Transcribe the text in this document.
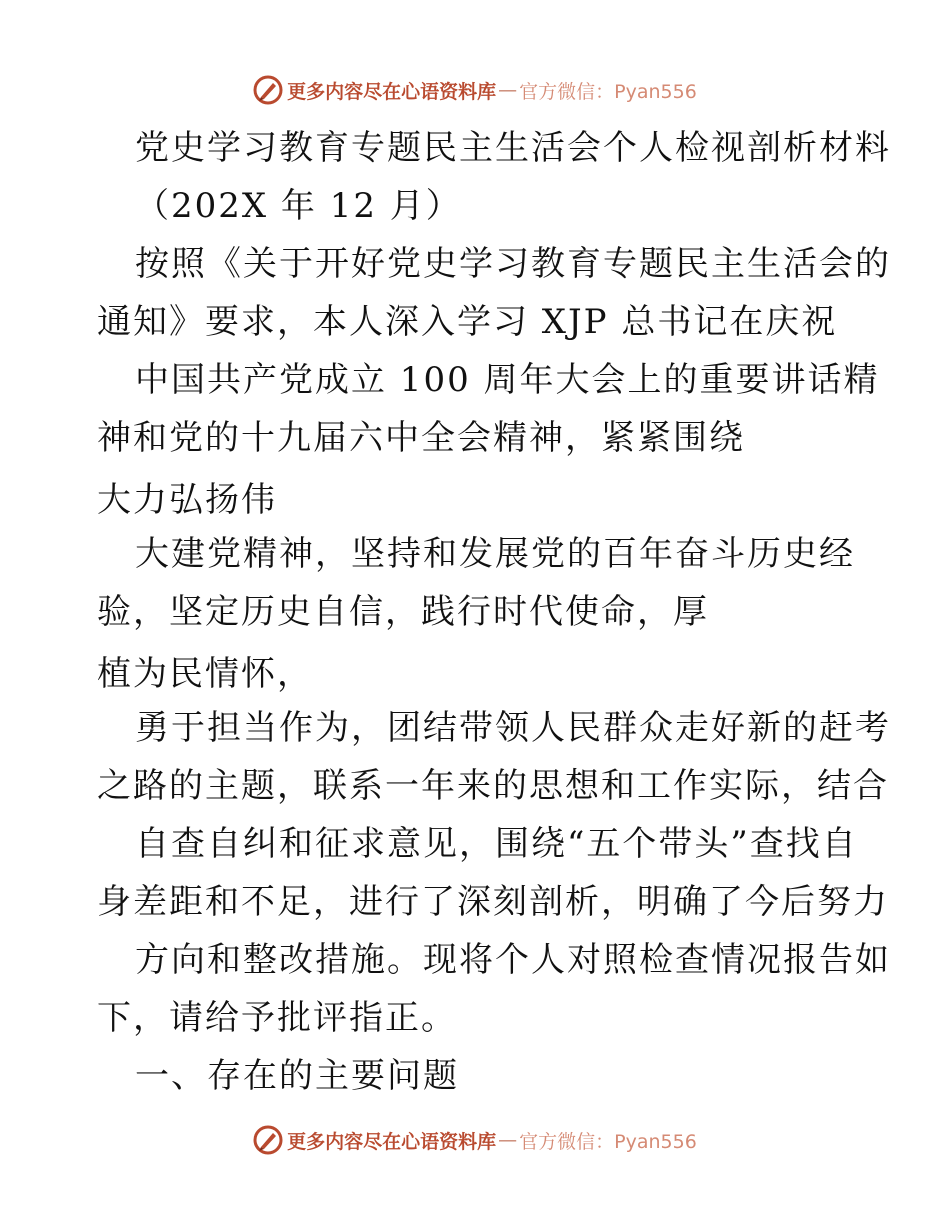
更多内容尽在心语资料库 — 官方微信：Pyan556
党史学习教育专题民主生活会个人检视剖析材料
（202X 年 12 月）
按照《关于开好党史学习教育专题民主生活会的
通知》要求，本人深入学习 XJP 总书记在庆祝
中国共产党成立 100 周年大会上的重要讲话精
神和党的十九届六中全会精神，紧紧围绕大力弘扬伟
大建党精神，坚持和发展党的百年奋斗历史经
验，坚定历史自信，践行时代使命，厚植为民情怀，
勇于担当作为，团结带领人民群众走好新的赶考
之路的主题，联系一年来的思想和工作实际，结合
自查自纠和征求意见，围绕“五个带头”查找自
身差距和不足，进行了深刻剖析，明确了今后努力
方向和整改措施。现将个人对照检查情况报告如
下，请给予批评指正。
一、存在的主要问题
更多内容尽在心语资料库 — 官方微信：Pyan556
